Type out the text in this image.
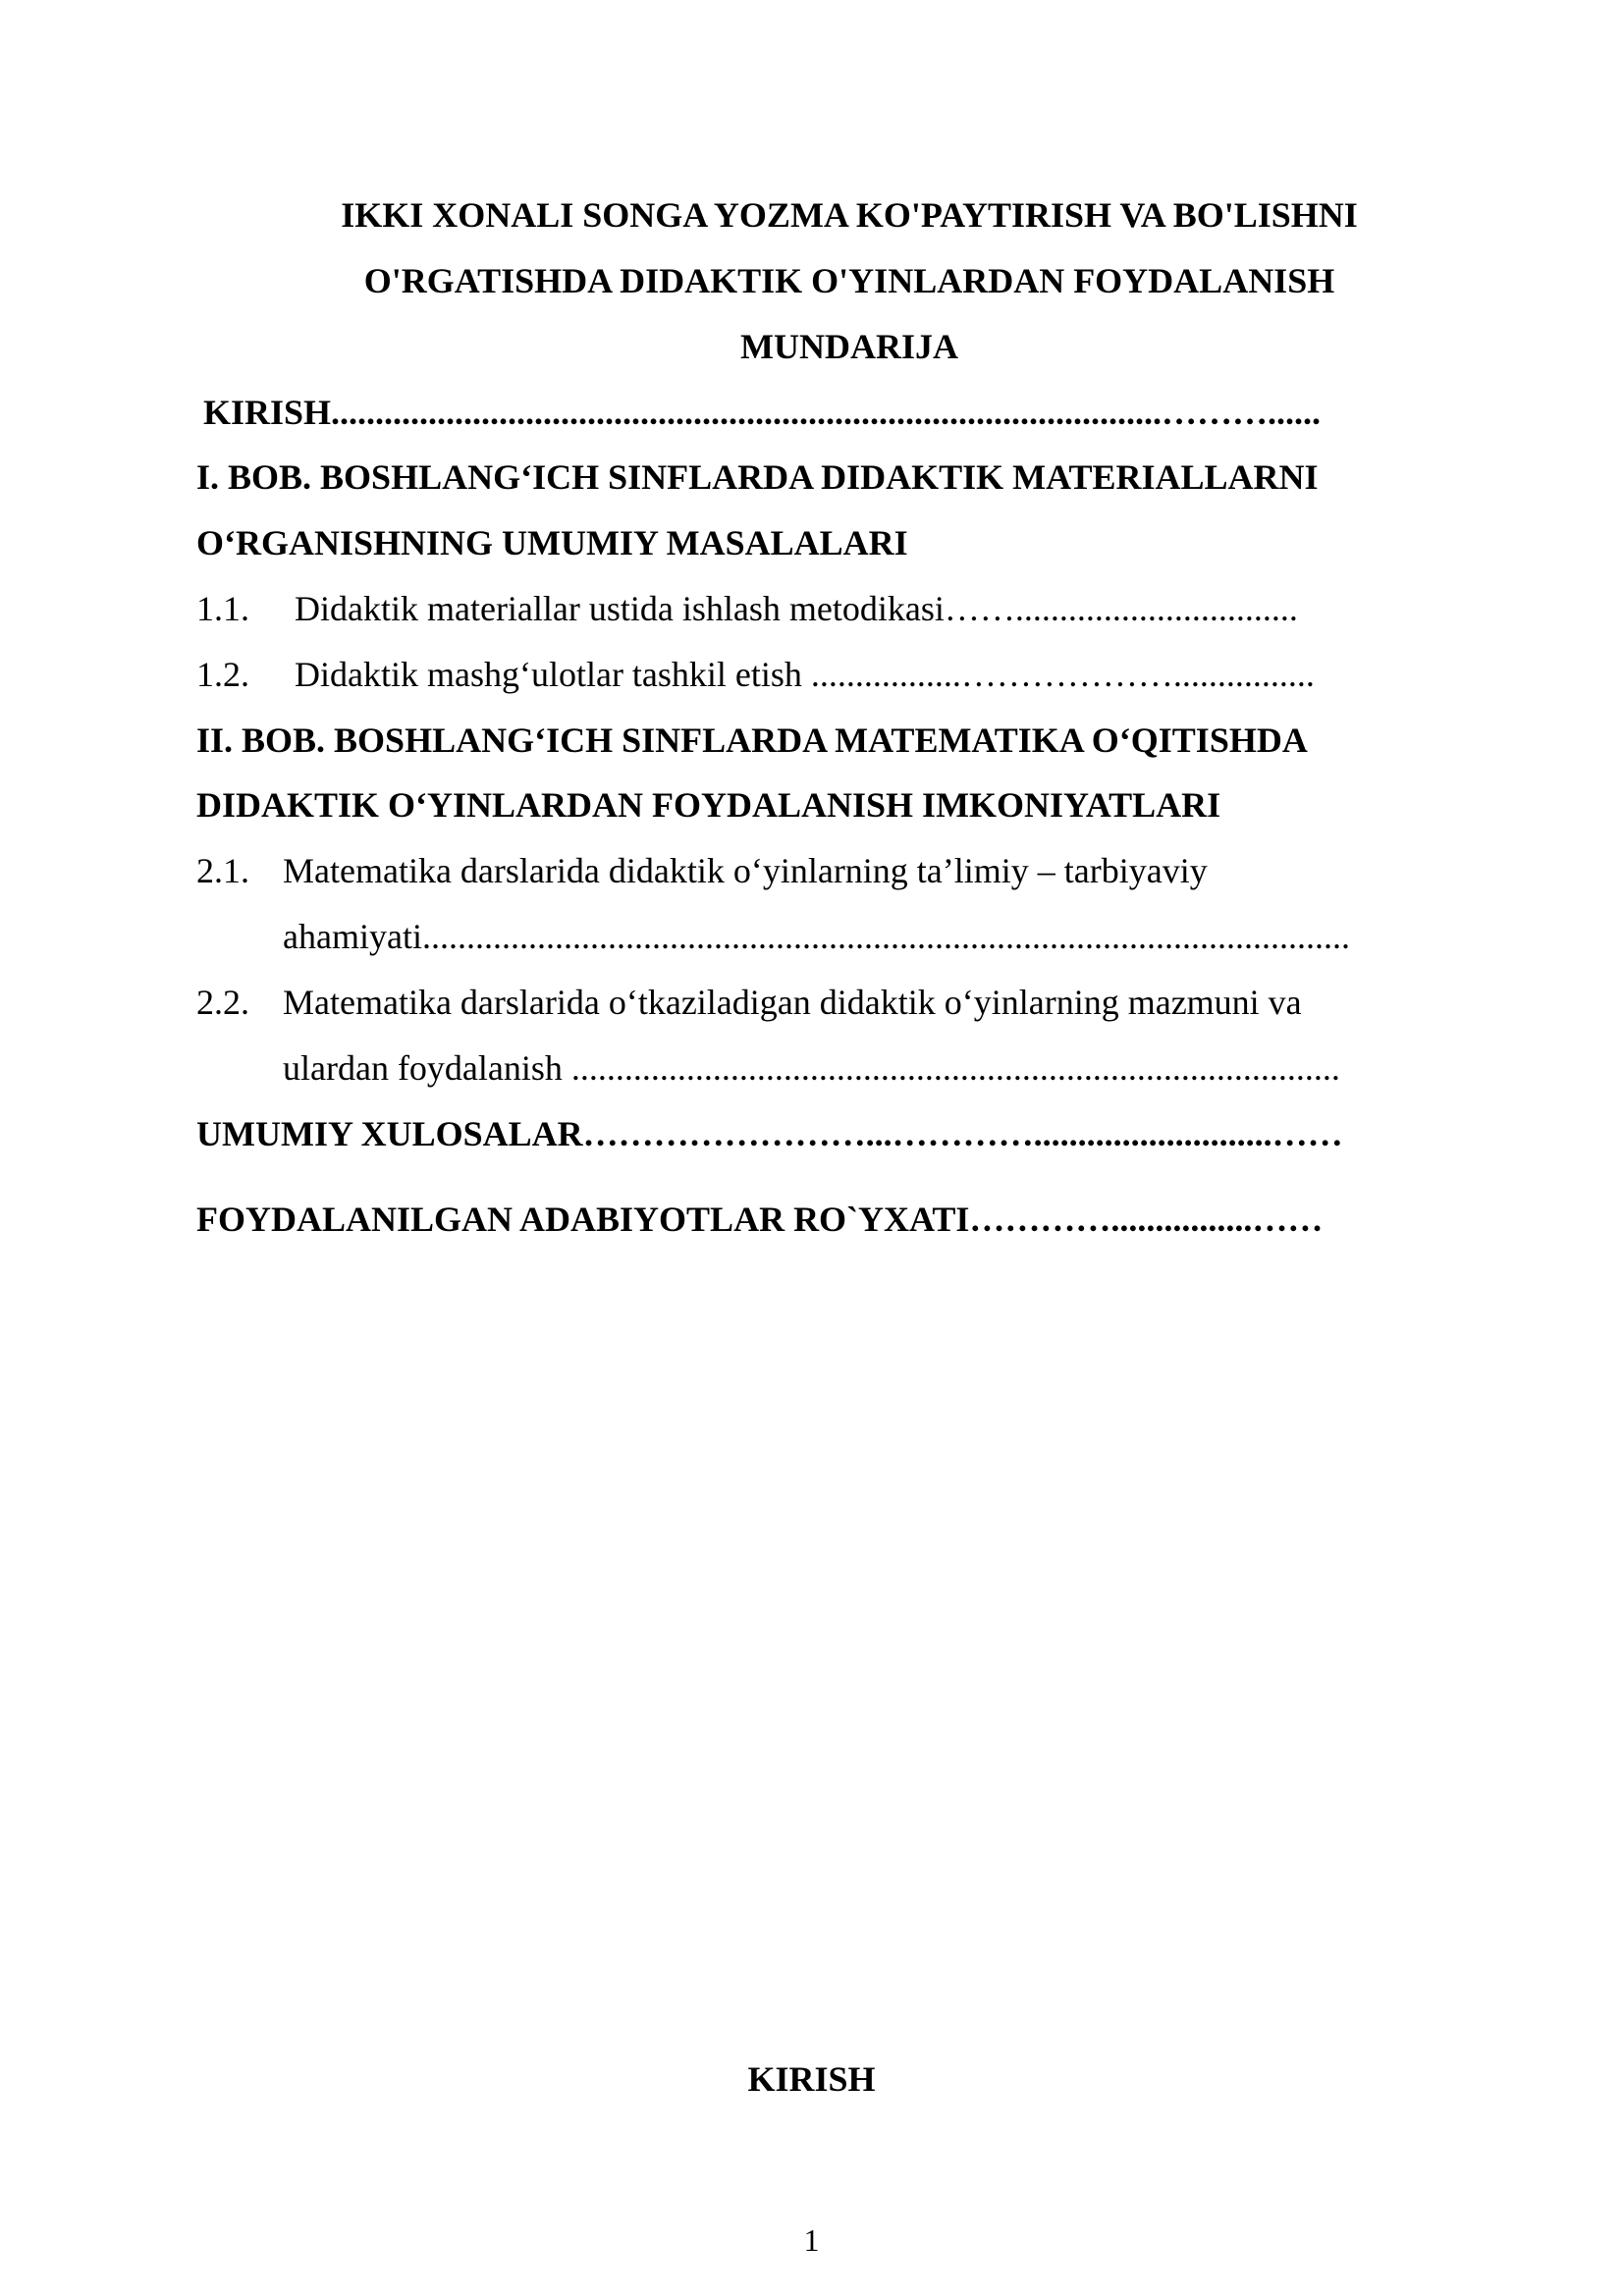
IKKI XONALI SONGA YOZMA KO'PAYTIRISH VA BO'LISHNI
O'RGATISHDA DIDAKTIK O'YINLARDAN FOYDALANISH
MUNDARIJA
KIRISH..............................................................................................………......
I. BOB. BOSHLANG‘ICH SINFLARDA DIDAKTIK MATERIALLARNI
O‘RGANISHNING UMUMIY MASALALARI
1.1. Didaktik materiallar ustida ishlash metodikasi……................................
1.2. Didaktik mashg‘ulotlar tashkil etish .................………………................
II. BOB. BOSHLANG‘ICH SINFLARDA MATEMATIKA O‘QITISHDA
DIDAKTIK O‘YINLARDAN FOYDALANISH IMKONIYATLARI
2.1. Matematika darslarida didaktik o‘yinlarning ta’limiy – tarbiyaviy
ahamiyati.........................................................................................................
2.2. Matematika darslarida o‘tkaziladigan didaktik o‘yinlarning mazmuni va
ulardan foydalanish .......................................................................................
UMUMIY XULOSALAR……………………...…………...........................……
FOYDALANILGAN ADABIYOTLAR RO`YXATI…………................……
KIRISH
1
